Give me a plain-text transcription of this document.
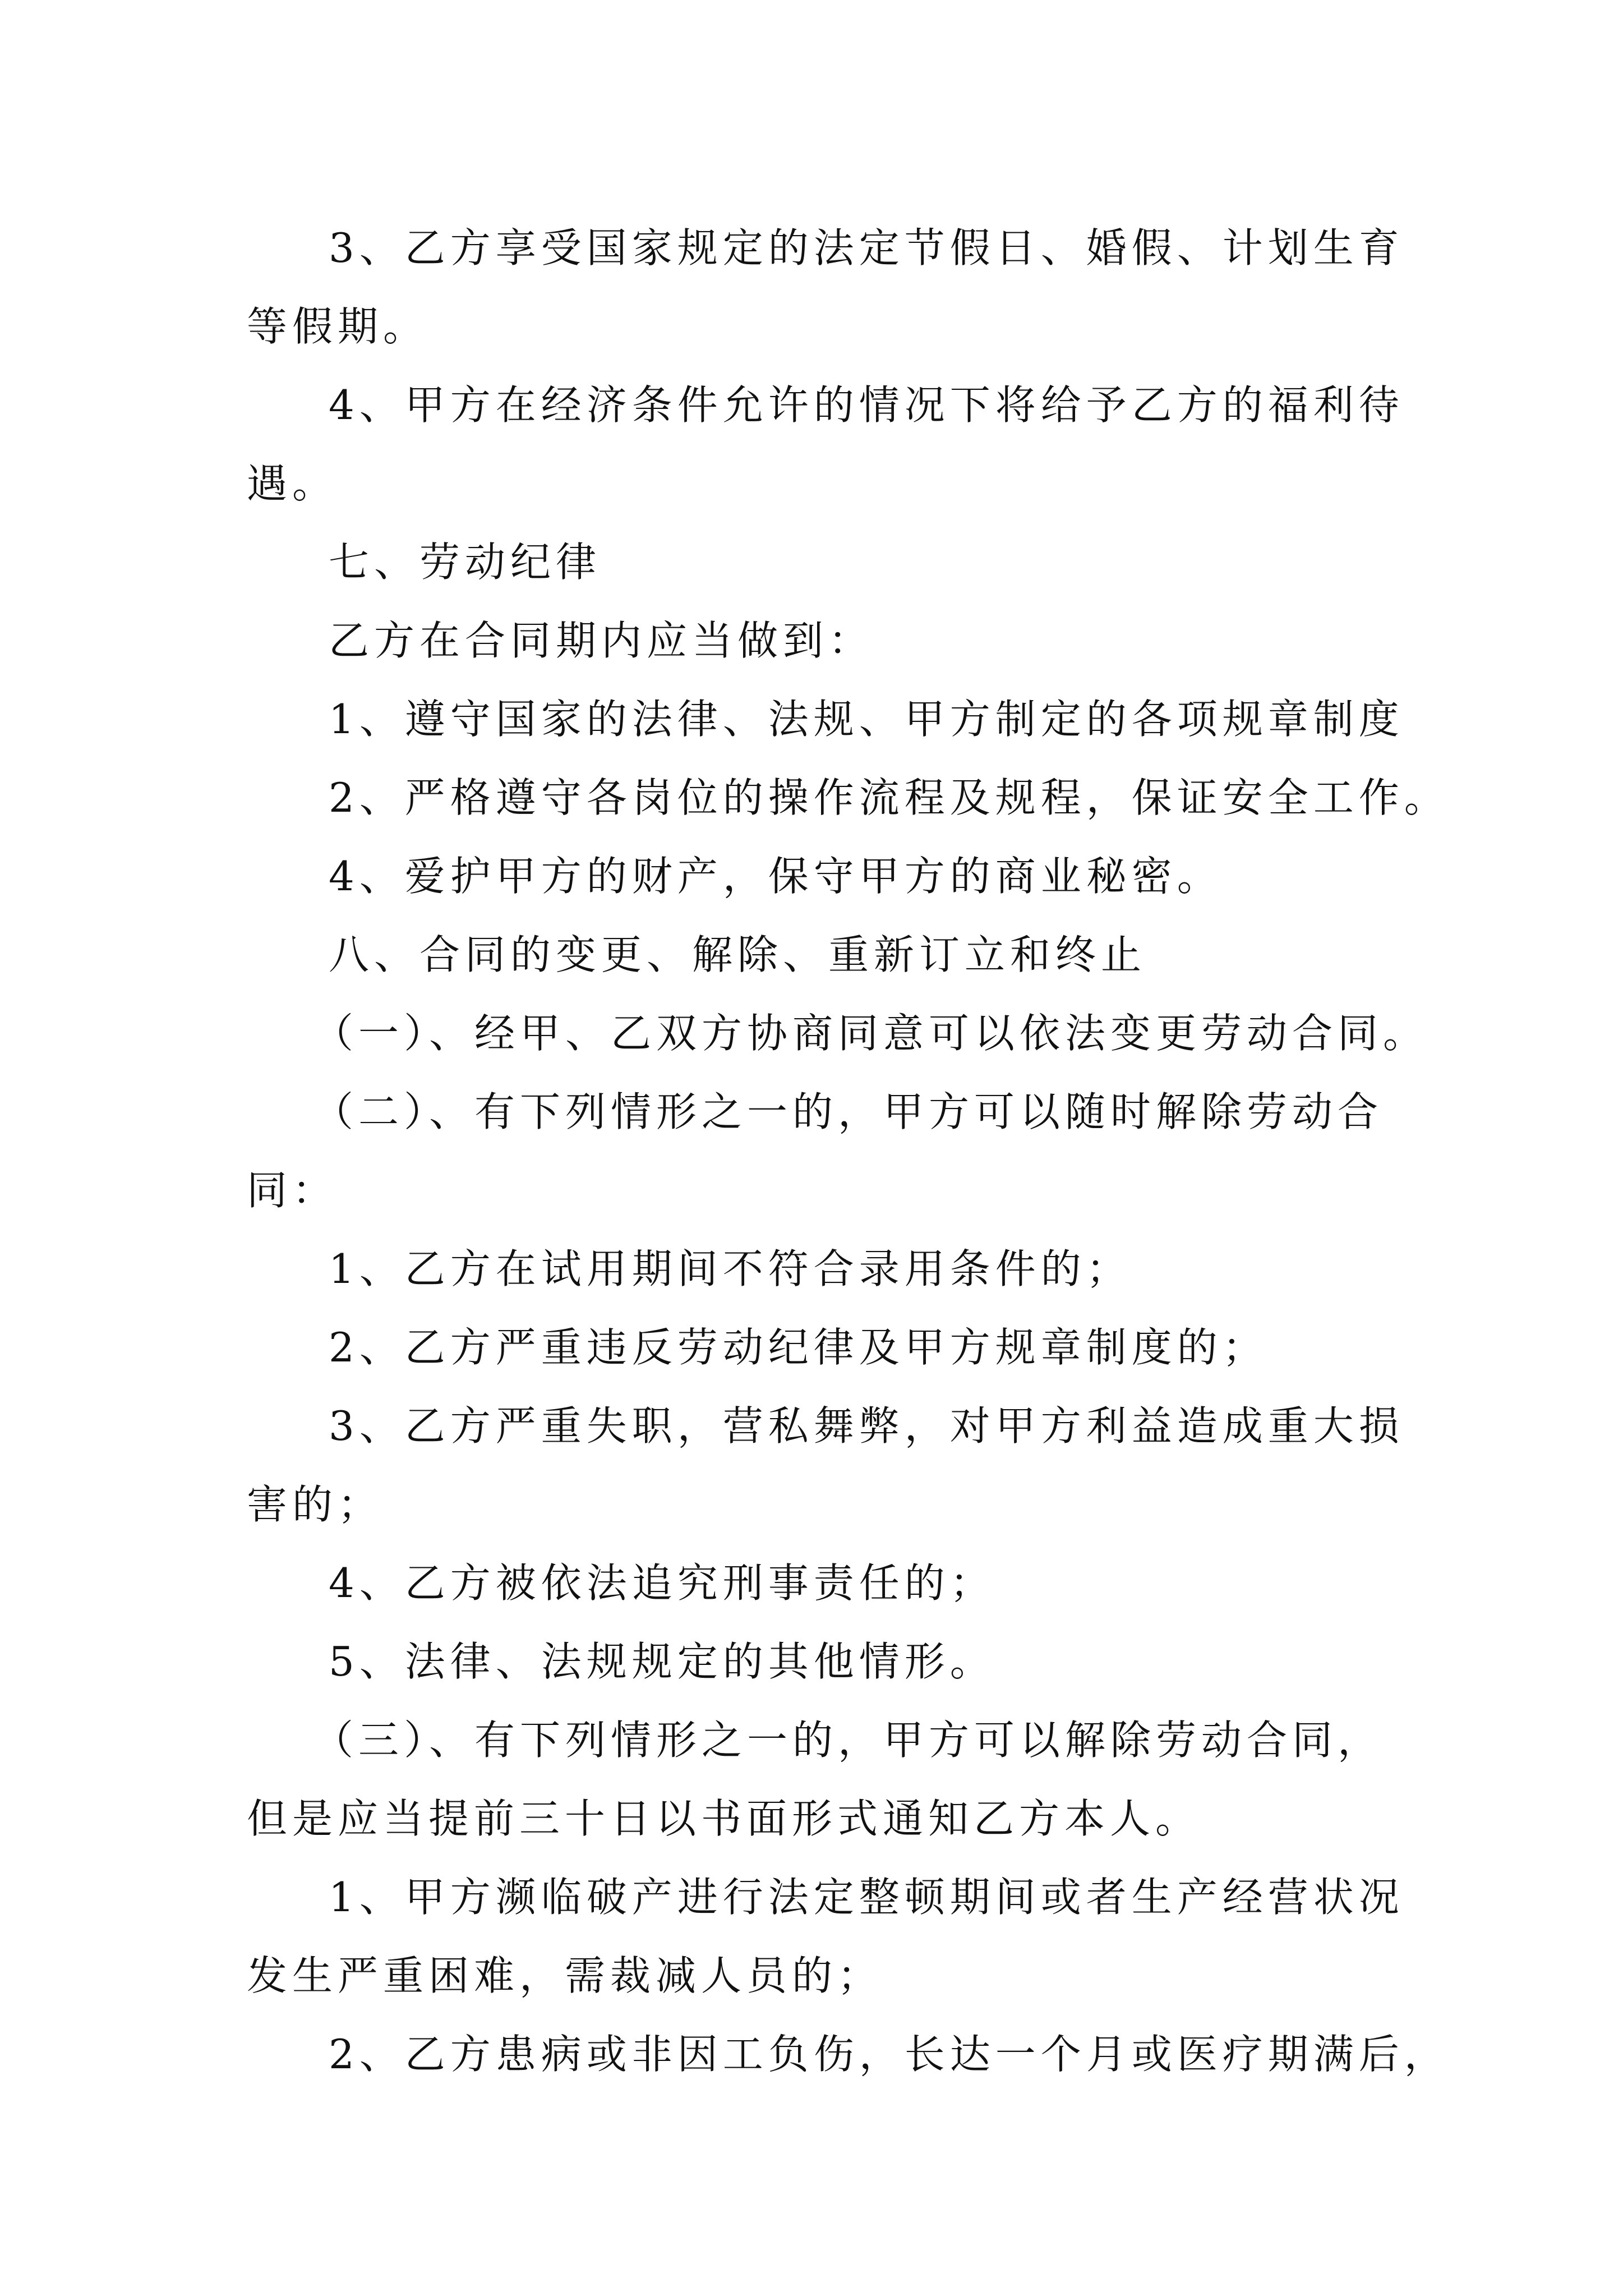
3、乙方享受国家规定的法定节假日、婚假、计划生育
等假期。
4、甲方在经济条件允许的情况下将给予乙方的福利待
遇。
七、劳动纪律
乙方在合同期内应当做到：
1、遵守国家的法律、法规、甲方制定的各项规章制度
2、严格遵守各岗位的操作流程及规程，保证安全工作。
4、爱护甲方的财产，保守甲方的商业秘密。
八、合同的变更、解除、重新订立和终止
（一）、经甲、乙双方协商同意可以依法变更劳动合同。
（二）、有下列情形之一的，甲方可以随时解除劳动合
同：
1、乙方在试用期间不符合录用条件的；
2、乙方严重违反劳动纪律及甲方规章制度的；
3、乙方严重失职，营私舞弊，对甲方利益造成重大损
害的；
4、乙方被依法追究刑事责任的；
5、法律、法规规定的其他情形。
（三）、有下列情形之一的，甲方可以解除劳动合同，
但是应当提前三十日以书面形式通知乙方本人。
1、甲方濒临破产进行法定整顿期间或者生产经营状况
发生严重困难，需裁减人员的；
2、乙方患病或非因工负伤，长达一个月或医疗期满后，
